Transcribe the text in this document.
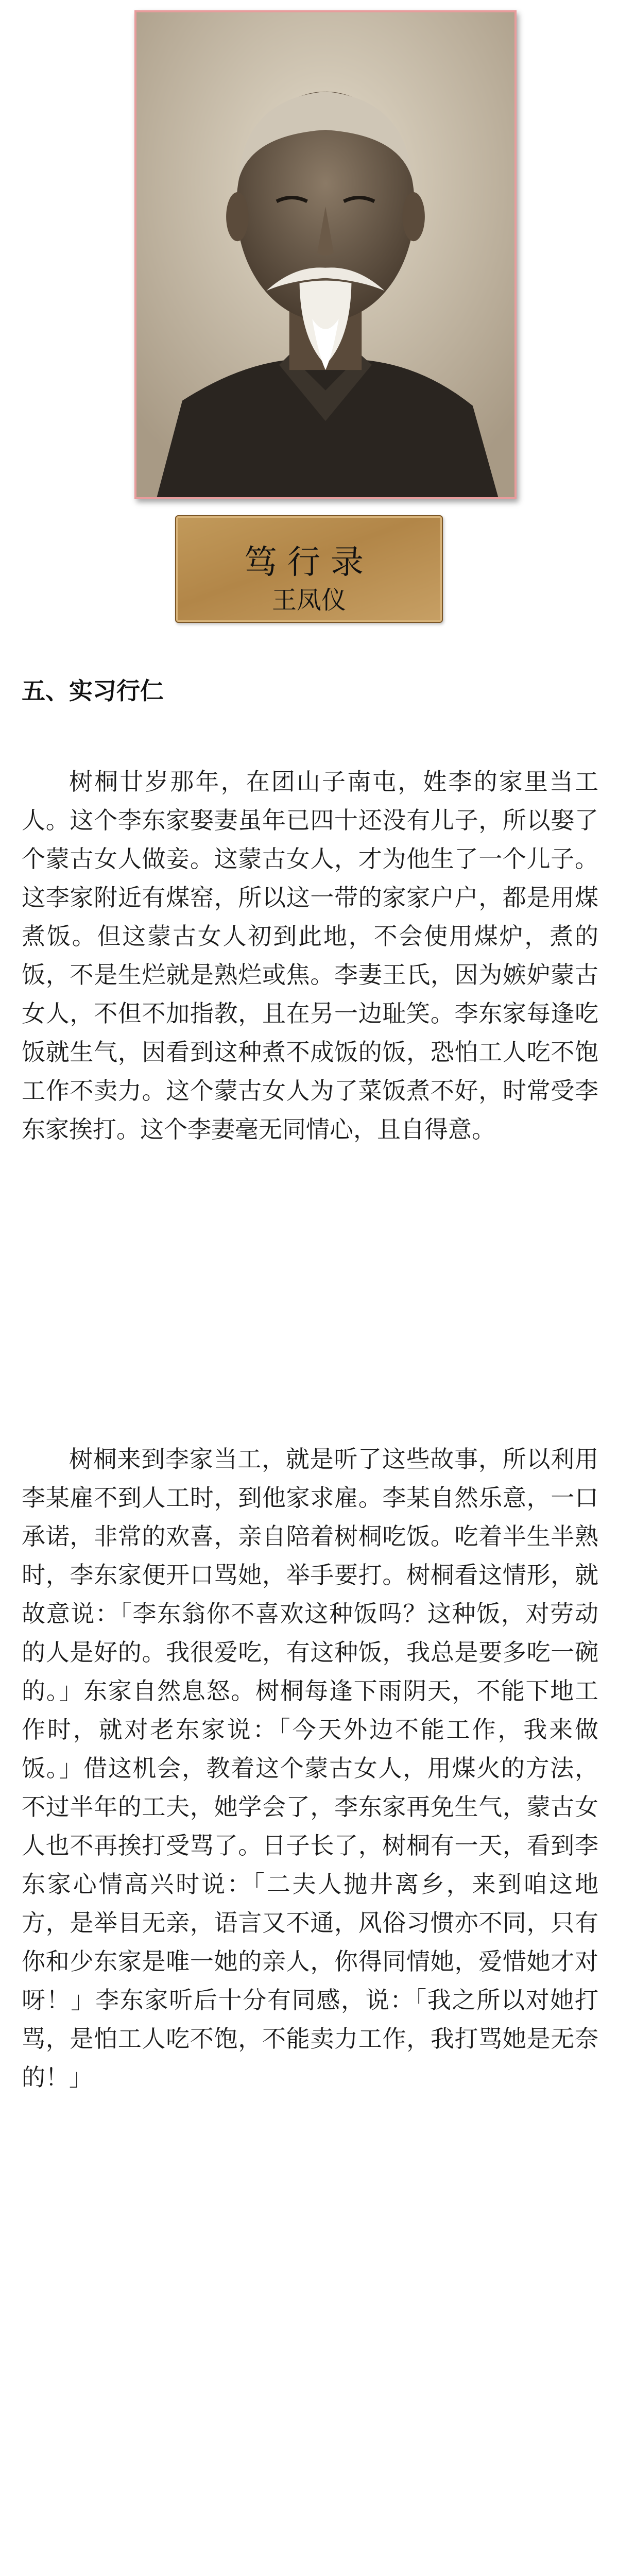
笃行录
王凤仪
五、实习行仁

树桐廿岁那年，在团山子南屯，姓李的家里当工人。这个李东家娶妻虽年已四十还没有儿子，所以娶了个蒙古女人做妾。这蒙古女人，才为他生了一个儿子。这李家附近有煤窑，所以这一带的家家户户，都是用煤煮饭。但这蒙古女人初到此地，不会使用煤炉，煮的饭，不是生烂就是熟烂或焦。李妻王氏，因为嫉妒蒙古女人，不但不加指教，且在另一边耻笑。李东家每逢吃饭就生气，因看到这种煮不成饭的饭，恐怕工人吃不饱工作不卖力。这个蒙古女人为了菜饭煮不好，时常受李东家挨打。这个李妻毫无同情心，且自得意。

树桐来到李家当工，就是听了这些故事，所以利用李某雇不到人工时，到他家求雇。李某自然乐意，一口承诺，非常的欢喜，亲自陪着树桐吃饭。吃着半生半熟时，李东家便开口骂她，举手要打。树桐看这情形，就故意说：「李东翁你不喜欢这种饭吗？这种饭，对劳动的人是好的。我很爱吃，有这种饭，我总是要多吃一碗的。」东家自然息怒。树桐每逢下雨阴天，不能下地工作时，就对老东家说：「今天外边不能工作，我来做饭。」借这机会，教着这个蒙古女人，用煤火的方法，不过半年的工夫，她学会了，李东家再免生气，蒙古女人也不再挨打受骂了。日子长了，树桐有一天，看到李东家心情高兴时说：「二夫人抛井离乡，来到咱这地方，是举目无亲，语言又不通，风俗习惯亦不同，只有你和少东家是唯一她的亲人，你得同情她，爱惜她才对呀！」李东家听后十分有同感，说：「我之所以对她打骂，是怕工人吃不饱，不能卖力工作，我打骂她是无奈的！」
